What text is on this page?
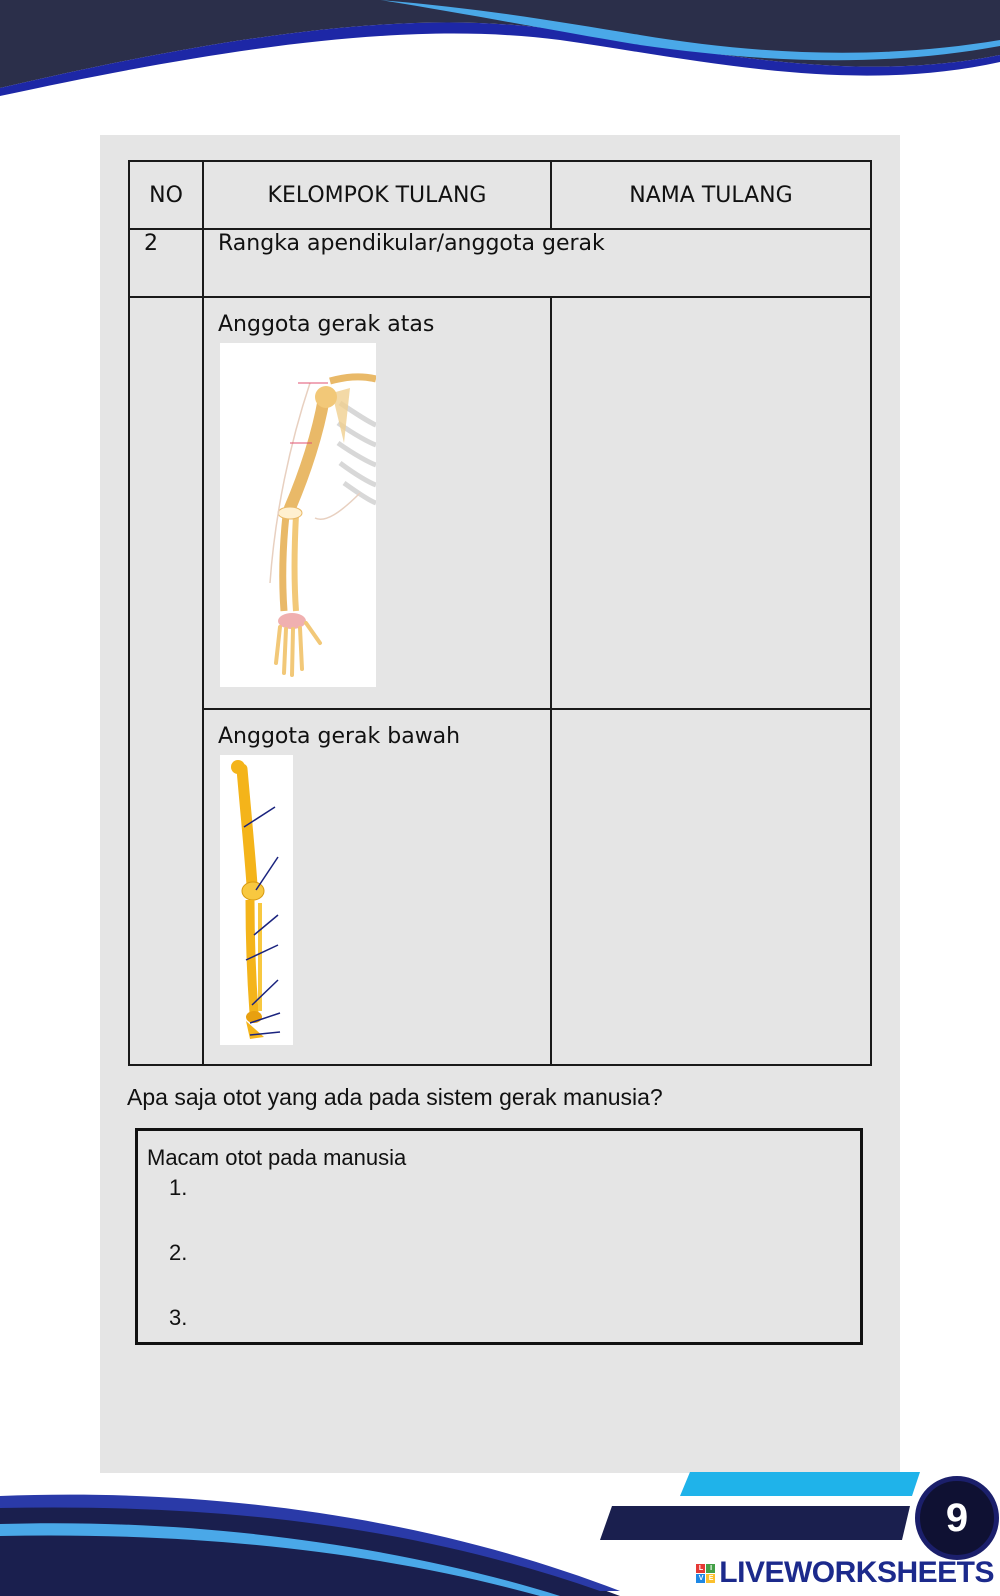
NO	KELOMPOK TULANG	NAMA TULANG
2	Rangka apendikular/anggota gerak	

	Anggota gerak atas	

	Anggota gerak bawah	

Apa saja otot yang ada pada sistem gerak manusia?
Macam otot pada manusia
1.
2.
3.
9
L	I
V E LIVEWORKSHEETS
